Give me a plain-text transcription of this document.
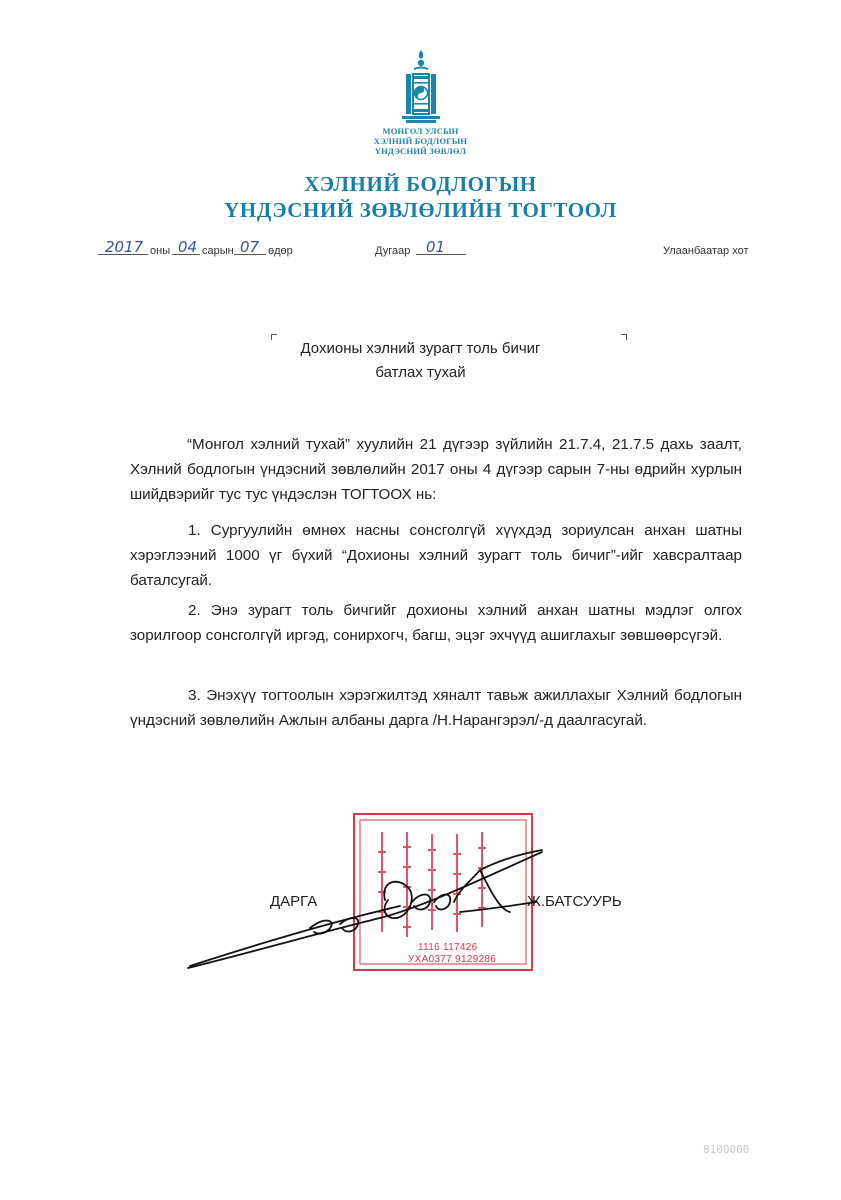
МОНГОЛ УЛСЫН
ХЭЛНИЙ БОДЛОГЫН
ҮНДЭСНИЙ ЗӨВЛӨЛ
ХЭЛНИЙ БОДЛОГЫН
ҮНДЭСНИЙ ЗӨВЛӨЛИЙН ТОГТООЛ
2017 оны 04 сарын 07 өдөр	Дугаар 01	Улаанбаатар хот
Дохионы хэлний зурагт толь бичиг
батлах тухай
“Монгол хэлний тухай” хуулийн 21 дүгээр зүйлийн 21.7.4, 21.7.5 дахь заалт, Хэлний бодлогын үндэсний зөвлөлийн 2017 оны 4 дүгээр сарын 7-ны өдрийн хурлын шийдвэрийг тус тус үндэслэн ТОГТООХ нь:
1. Сургуулийн өмнөх насны сонсголгүй хүүхдэд зориулсан анхан шатны хэрэглээний 1000 үг бүхий “Дохионы хэлний зурагт толь бичиг”-ийг хавсралтаар баталсугай.
2. Энэ зурагт толь бичгийг дохионы хэлний анхан шатны мэдлэг олгох зорилгоор сонсголгүй иргэд, сонирхогч, багш, эцэг эхчүүд ашиглахыг зөвшөөрсүгэй.
3. Энэхүү тогтоолын хэрэгжилтэд хяналт тавьж ажиллахыг Хэлний бодлогын үндэсний зөвлөлийн Ажлын албаны дарга /Н.Нарангэрэл/-д даалгасугай.
1116 117426
УХА0377 9129286
ДАРГА	Ж.БАТСУУРЬ
8100000
